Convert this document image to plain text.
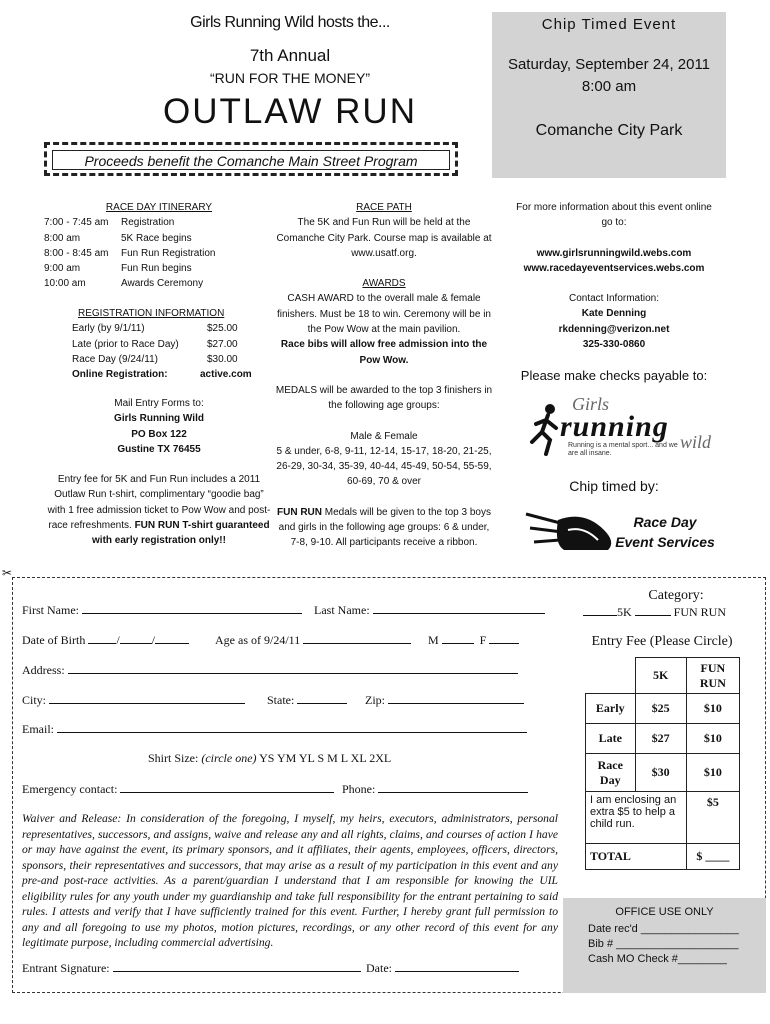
Girls Running Wild hosts the...
7th Annual
“RUN FOR THE MONEY”
OUTLAW RUN
Chip Timed Event
Saturday, September 24, 2011
8:00 am
Comanche City Park
Proceeds benefit the Comanche Main Street Program
RACE DAY ITINERARY
7:00 - 7:45 am	Registration
8:00 am	5K Race begins
8:00 - 8:45 am	Fun Run Registration
9:00 am	Fun Run begins
10:00 am	Awards Ceremony
REGISTRATION INFORMATION
Early (by 9/1/11)	$25.00
Late (prior to Race Day)	$27.00
Race Day (9/24/11)	$30.00
Online Registration:	active.com
Mail Entry Forms to:
Girls Running Wild
PO Box 122
Gustine TX 76455
Entry fee for 5K and Fun Run includes a 2011 Outlaw Run t-shirt, complimentary “goodie bag” with 1 free admission ticket to Pow Wow and post-race refreshments. FUN RUN T-shirt guaranteed with early registration only!!
RACE PATH
The 5K and Fun Run will be held at the Comanche City Park. Course map is available at www.usatf.org.
AWARDS
CASH AWARD to the overall male & female finishers. Must be 18 to win. Ceremony will be in the Pow Wow at the main pavilion.
Race bibs will allow free admission into the Pow Wow.
MEDALS will be awarded to the top 3 finishers in the following age groups:
Male & Female
5 & under, 6-8, 9-11, 12-14, 15-17, 18-20, 21-25, 26-29, 30-34, 35-39, 40-44, 45-49, 50-54, 55-59, 60-69, 70 & over
FUN RUN Medals will be given to the top 3 boys and girls in the following age groups: 6 & under, 7-8, 9-10. All participants receive a ribbon.
For more information about this event online go to:
www.girlsrunningwild.webs.com
www.racedayeventservices.webs.com
Contact Information:
Kate Denning
rkdenning@verizon.net
325-330-0860
Please make checks payable to:
Girls
running wild
Running is a mental sport... and we are all insane.
Chip timed by:
Race Day
Event Services
✂
First Name:	Last Name:
Date of Birth	/	/	Age as of 9/24/11	M	F
Address:
City:	State:	Zip:
Email:
Shirt Size: (circle one) YS YM YL S M L XL 2XL
Emergency contact:	Phone:
Waiver and Release: In consideration of the foregoing, I myself, my heirs, executors, administrators, personal representatives, successors, and assigns, waive and release any and all rights, claims, and courses of action I have or may have against the event, its primary sponsors, and it affiliates, their agents, employees, officers, directors, sponsors, their representatives and successors, that may arise as a result of my participation in this event and any pre-and post-race activities. As a parent/guardian I understand that I am responsible for knowing the UIL eligibility rules for any youth under my guardianship and take full responsibility for the entrant pertaining to said rules. I attests and verify that I have sufficiently trained for this event. Further, I hereby grant full permission to any and all foregoing to use my photos, motion pictures, recordings, or any other record of this event for any legitimate purpose, including commercial advertising.
Entrant Signature:	Date:
Category:
5K	FUN RUN
Entry Fee (Please Circle)
	5K	FUN RUN
Early	$25	$10
Late	$27	$10
Race Day	$30	$10
I am enclosing an extra $5 to help a child run.		$5
TOTAL		$ ____
OFFICE USE ONLY
Date rec'd ________________
Bib # ____________________
Cash MO Check #________
